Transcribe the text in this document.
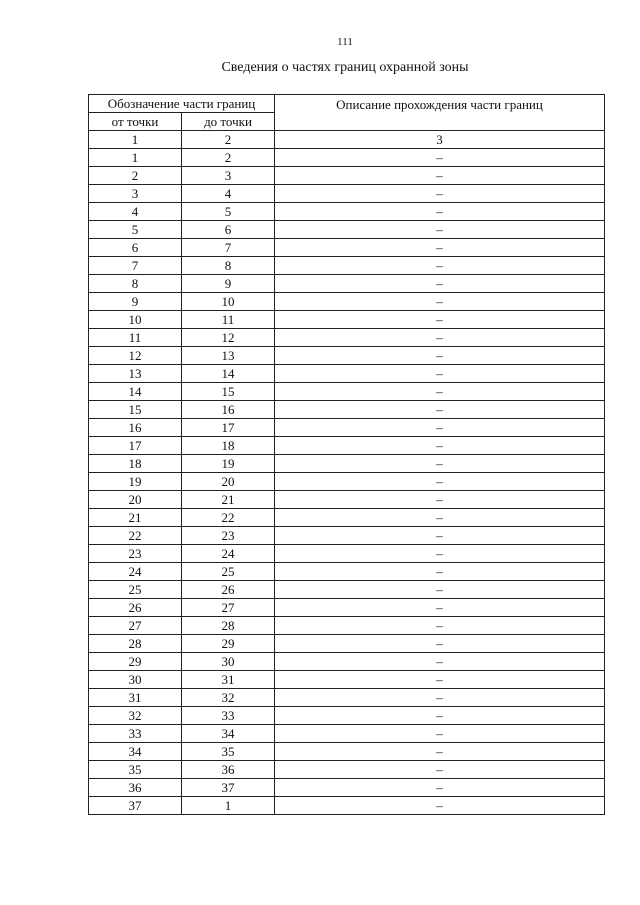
111
Сведения о частях границ охранной зоны
Обозначение части границ		Описание прохождения части границ
от точки	до точки	
1	2	3
1	2	–
2	3	–
3	4	–
4	5	–
5	6	–
6	7	–
7	8	–
8	9	–
9	10	–
10	11	–
11	12	–
12	13	–
13	14	–
14	15	–
15	16	–
16	17	–
17	18	–
18	19	–
19	20	–
20	21	–
21	22	–
22	23	–
23	24	–
24	25	–
25	26	–
26	27	–
27	28	–
28	29	–
29	30	–
30	31	–
31	32	–
32	33	–
33	34	–
34	35	–
35	36	–
36	37	–
37	1	–
